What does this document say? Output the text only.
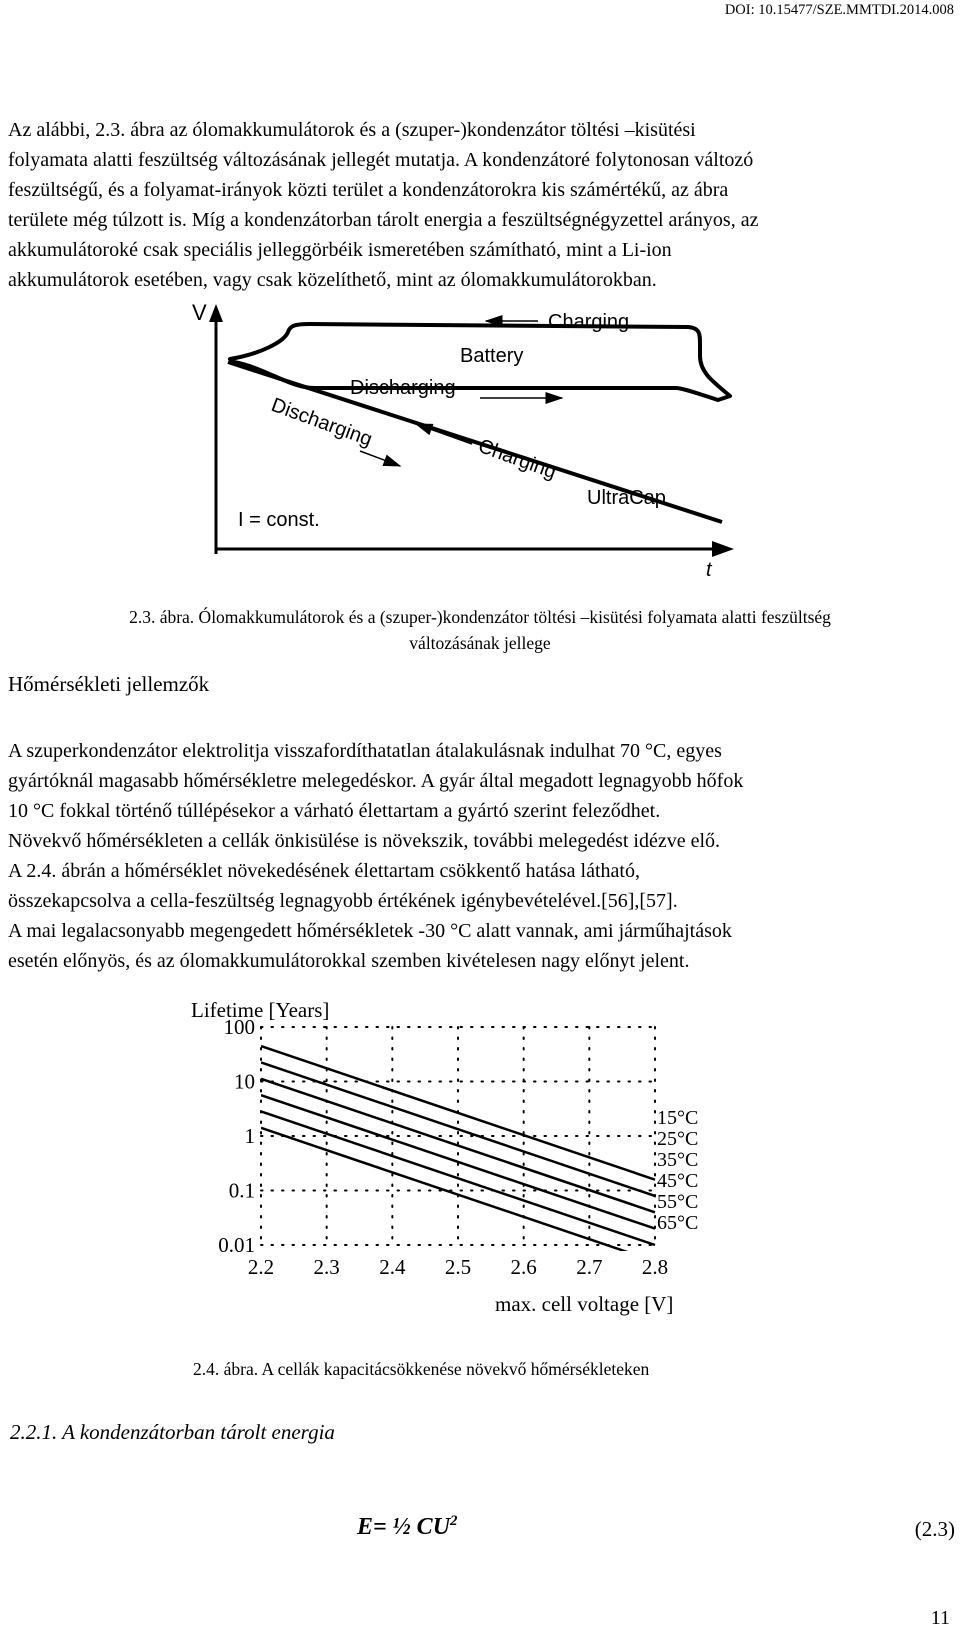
DOI: 10.15477/SZE.MMTDI.2014.008

Az alábbi, 2.3. ábra az ólomakkumulátorok és a (szuper-)kondenzátor töltési –kisütési

folyamata alatti feszültség változásának jellegét mutatja. A kondenzátoré folytonosan változó

feszültségű, és a folyamat-irányok közti terület a kondenzátorokra kis számértékű, az ábra

területe még túlzott is. Míg a kondenzátorban tárolt energia a feszültségnégyzettel arányos, az

akkumulátoroké csak speciális jelleggörbéik ismeretében számítható, mint a Li-ion

akkumulátorok esetében, vagy csak közelíthető, mint az ólomakkumulátorokban.

V
t
Charging
Battery
Discharging
Discharging
Charging
UltraCap
I = const.
2.3. ábra. Ólomakkumulátorok és a (szuper-)kondenzátor töltési –kisütési folyamata alatti feszültség
változásának jellege
Hőmérsékleti jellemzők

A szuperkondenzátor elektrolitja visszafordíthatatlan átalakulásnak indulhat 70 °C, egyes

gyártóknál magasabb hőmérsékletre melegedéskor. A gyár által megadott legnagyobb hőfok

10 °C fokkal történő túllépésekor a várható élettartam a gyártó szerint feleződhet.

Növekvő hőmérsékleten a cellák önkisülése is növekszik, további melegedést idézve elő.

A 2.4. ábrán a hőmérséklet növekedésének élettartam csökkentő hatása látható,

összekapcsolva a cella-feszültség legnagyobb értékének igénybevételével.[56],[57].

A mai legalacsonyabb megengedett hőmérsékletek -30 °C alatt vannak, ami járműhajtások

esetén előnyös, és az ólomakkumulátorokkal szemben kivételesen nagy előnyt jelent.

Lifetime [Years]
max. cell voltage [V]
2.2 2.3 2.4 2.5 2.6 2.7 2.8
100
10
1
0.1
0.01
15°C
25°C
35°C
45°C
55°C
65°C
2.4. ábra. A cellák kapacitácsökkenése növekvő hőmérsékleteken
2.2.1. A kondenzátorban tárolt energia
E= ½ $CU^2$	(2.3)
11
